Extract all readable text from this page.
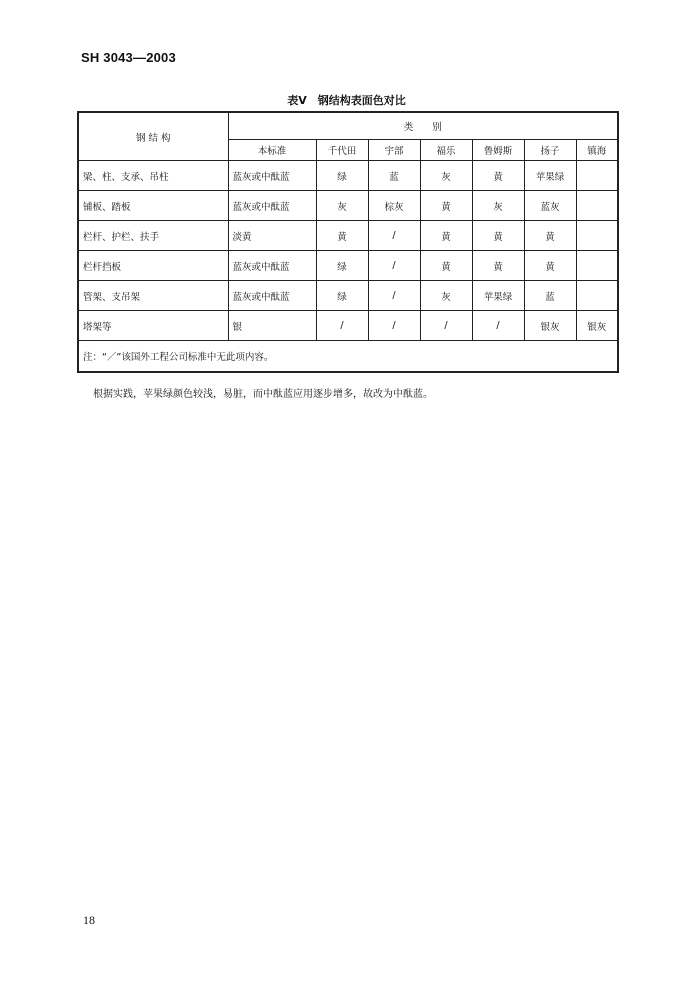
SH 3043—2003
表V　钢结构表面色对比
钢 结 构	类　　别						
	本标准	千代田	宇部	福乐	鲁姆斯	扬子	镇海
梁、柱、支承、吊柱	蓝灰或中酞蓝	绿	蓝	灰	黄	苹果绿	
铺板、踏板	蓝灰或中酞蓝	灰	棕灰	黄	灰	蓝灰	
栏杆、护栏、扶手	淡黄	黄	/	黄	黄	黄	
栏杆挡板	蓝灰或中酞蓝	绿	/	黄	黄	黄	
管架、支吊架	蓝灰或中酞蓝	绿	/	灰	苹果绿	蓝	
塔架等	银	/	/	/	/	银灰	银灰
注：“／”该国外工程公司标准中无此项内容。							
根据实践，苹果绿颜色较浅，易脏，而中酞蓝应用逐步增多，故改为中酞蓝。
18
